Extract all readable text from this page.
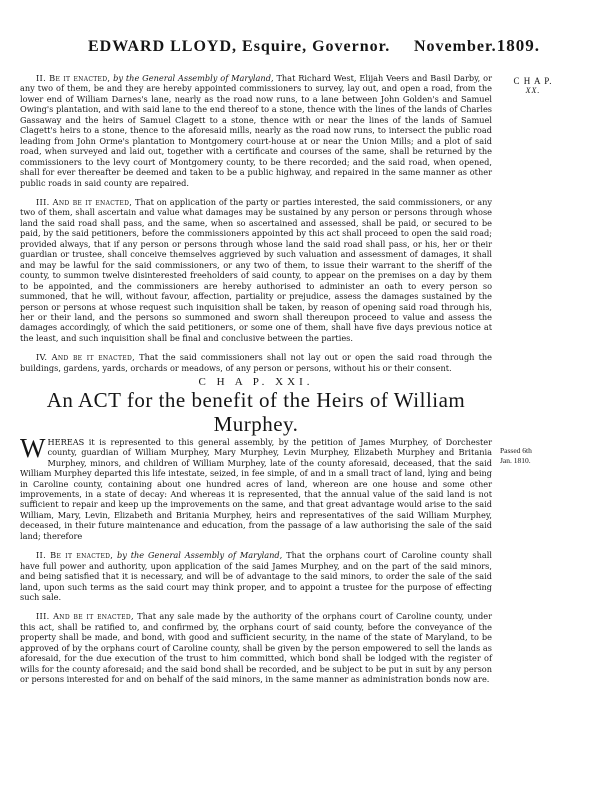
EDWARD LLOYD, Esquire, Governor. November. 1809.
C H A P.
XX.
Passed 6th
Jan. 1810.

II. Be it enacted, by the General Assembly of Maryland, That Richard West, Elijah Veers and Basil Darby, or any two of them, be and they are hereby appointed commissioners to survey, lay out, and open a road, from the lower end of William Darnes's lane, nearly as the road now runs, to a lane between John Golden's and Samuel Owing's plantation, and with said lane to the end thereof to a stone, thence with the lines of the lands of Charles Gassaway and the heirs of Samuel Clagett to a stone, thence with or near the lines of the lands of Samuel Clagett's heirs to a stone, thence to the aforesaid mills, nearly as the road now runs, to intersect the public road leading from John Orme's plantation to Montgomery court-house at or near the Union Mills; and a plot of said road, when surveyed and laid out, together with a certificate and courses of the same, shall be returned by the commissioners to the levy court of Montgomery county, to be there recorded; and the said road, when opened, shall for ever thereafter be deemed and taken to be a public highway, and repaired in the same manner as other public roads in said county are repaired.

III. And be it enacted, That on application of the party or parties interested, the said commissioners, or any two of them, shall ascertain and value what damages may be sustained by any person or persons through whose land the said road shall pass, and the same, when so ascertained and assessed, shall be paid, or secured to be paid, by the said petitioners, before the commissioners appointed by this act shall proceed to open the said road; provided always, that if any person or persons through whose land the said road shall pass, or his, her or their guardian or trustee, shall conceive themselves aggrieved by such valuation and assessment of damages, it shall and may be lawful for the said commissioners, or any two of them, to issue their warrant to the sheriff of the county, to summon twelve disinterested freeholders of said county, to appear on the premises on a day by them to be appointed, and the commissioners are hereby authorised to administer an oath to every person so summoned, that he will, without favour, affection, partiality or prejudice, assess the damages sustained by the person or persons at whose request such inquisition shall be taken, by reason of opening said road through his, her or their land, and the persons so summoned and sworn shall thereupon proceed to value and assess the damages accordingly, of which the said petitioners, or some one of them, shall have five days previous notice at the least, and such inquisition shall be final and conclusive between the parties.

IV. And be it enacted, That the said commissioners shall not lay out or open the said road through the buildings, gardens, yards, orchards or meadows, of any person or persons, without his or their consent.

C H A P. XXI.
An ACT for the benefit of the Heirs of William Murphey.

WHEREAS it is represented to this general assembly, by the petition of James Murphey, of Dorchester county, guardian of William Murphey, Mary Murphey, Levin Murphey, Elizabeth Murphey and Britania Murphey, minors, and children of William Murphey, late of the county aforesaid, deceased, that the said William Murphey departed this life intestate, seized, in fee simple, of and in a small tract of land, lying and being in Caroline county, containing about one hundred acres of land, whereon are one house and some other improvements, in a state of decay: And whereas it is represented, that the annual value of the said land is not sufficient to repair and keep up the improvements on the same, and that great advantage would arise to the said William, Mary, Levin, Elizabeth and Britania Murphey, heirs and representatives of the said William Murphey, deceased, in their future maintenance and education, from the passage of a law authorising the sale of the said land; therefore

II. Be it enacted, by the General Assembly of Maryland, That the orphans court of Caroline county shall have full power and authority, upon application of the said James Murphey, and on the part of the said minors, and being satisfied that it is necessary, and will be of advantage to the said minors, to order the sale of the said land, upon such terms as the said court may think proper, and to appoint a trustee for the purpose of effecting such sale.

III. And be it enacted, That any sale made by the authority of the orphans court of Caroline county, under this act, shall be ratified to, and confirmed by, the orphans court of said county, before the conveyance of the property shall be made, and bond, with good and sufficient security, in the name of the state of Maryland, to be approved of by the orphans court of Caroline county, shall be given by the person empowered to sell the lands as aforesaid, for the due execution of the trust to him committed, which bond shall be lodged with the register of wills for the county aforesaid; and the said bond shall be recorded, and be subject to be put in suit by any person or persons interested for and on behalf of the said minors, in the same manner as administration bonds now are.
